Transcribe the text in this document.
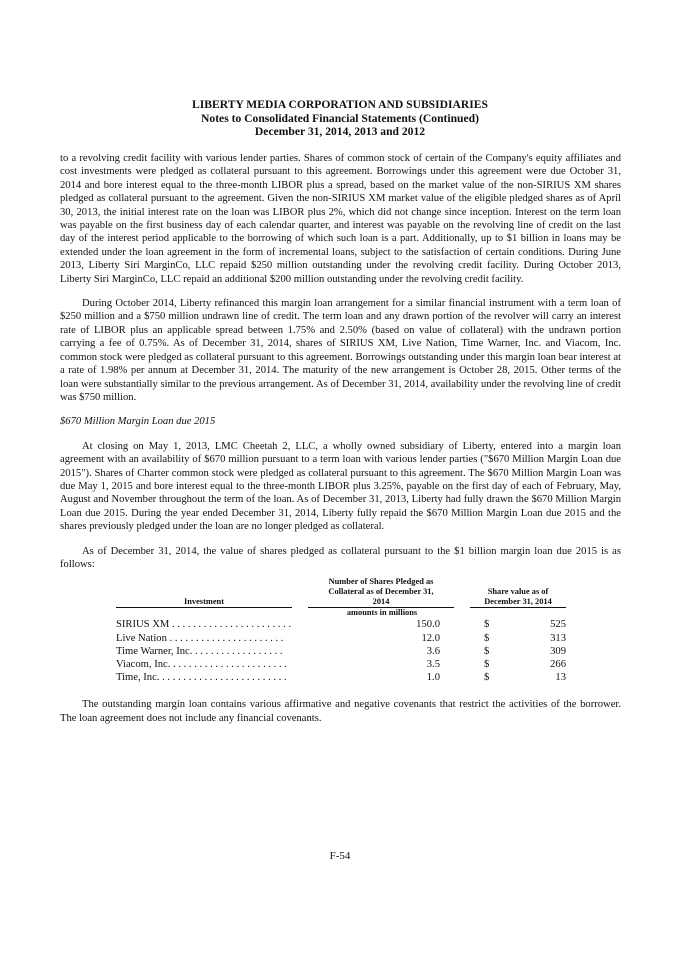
LIBERTY MEDIA CORPORATION AND SUBSIDIARIES
Notes to Consolidated Financial Statements (Continued)
December 31, 2014, 2013 and 2012

to a revolving credit facility with various lender parties. Shares of common stock of certain of the Company's equity affiliates and cost investments were pledged as collateral pursuant to this agreement. Borrowings under this agreement were due October 31, 2014 and bore interest equal to the three-month LIBOR plus a spread, based on the market value of the non-SIRIUS XM shares pledged as collateral pursuant to the agreement. Given the non-SIRIUS XM market value of the eligible pledged shares as of April 30, 2013, the initial interest rate on the loan was LIBOR plus 2%, which did not change since inception. Interest on the term loan was payable on the first business day of each calendar quarter, and interest was payable on the revolving line of credit on the last day of the interest period applicable to the borrowing of which such loan is a part. Additionally, up to $1 billion in loans may be extended under the loan agreement in the form of incremental loans, subject to the satisfaction of certain conditions. During June 2013, Liberty Siri MarginCo, LLC repaid $250 million outstanding under the revolving credit facility. During October 2013, Liberty Siri MarginCo, LLC repaid an additional $200 million outstanding under the revolving credit facility.

During October 2014, Liberty refinanced this margin loan arrangement for a similar financial instrument with a term loan of $250 million and a $750 million undrawn line of credit. The term loan and any drawn portion of the revolver will carry an interest rate of LIBOR plus an applicable spread between 1.75% and 2.50% (based on value of collateral) with the undrawn portion carrying a fee of 0.75%. As of December 31, 2014, shares of SIRIUS XM, Live Nation, Time Warner, Inc. and Viacom, Inc. common stock were pledged as collateral pursuant to this agreement. Borrowings outstanding under this margin loan bear interest at a rate of 1.98% per annum at December 31, 2014. The maturity of the new arrangement is October 28, 2015. Other terms of the loan were substantially similar to the previous arrangement. As of December 31, 2014, availability under the revolving line of credit was $750 million.

$670 Million Margin Loan due 2015

At closing on May 1, 2013, LMC Cheetah 2, LLC, a wholly owned subsidiary of Liberty, entered into a margin loan agreement with an availability of $670 million pursuant to a term loan with various lender parties ("$670 Million Margin Loan due 2015"). Shares of Charter common stock were pledged as collateral pursuant to this agreement. The $670 Million Margin Loan was due May 1, 2015 and bore interest equal to the three-month LIBOR plus 3.25%, payable on the first day of each of February, May, August and November throughout the term of the loan. As of December 31, 2013, Liberty had fully drawn the $670 Million Margin Loan due 2015. During the year ended December 31, 2014, Liberty fully repaid the $670 Million Margin Loan due 2015 and the shares previously pledged under the loan are no longer pledged as collateral.

As of December 31, 2014, the value of shares pledged as collateral pursuant to the $1 billion margin loan due 2015 is as follows:

Investment		Number of Shares Pledged as Collateral as of December 31, 2014		Share value as of December 31, 2014
		amounts in millions		
SIRIUS XM . . . . . . . . . . . . . . . . . . . . . . .		150.0		$ 525

Live Nation . . . . . . . . . . . . . . . . . . . . . .		12.0		$ 313

Time Warner, Inc. . . . . . . . . . . . . . . . . .		3.6		$ 309

Viacom, Inc. . . . . . . . . . . . . . . . . . . . . . .		3.5		$ 266

Time, Inc. . . . . . . . . . . . . . . . . . . . . . . . .		1.0		$ 13

The outstanding margin loan contains various affirmative and negative covenants that restrict the activities of the borrower. The loan agreement does not include any financial covenants.

F-54
